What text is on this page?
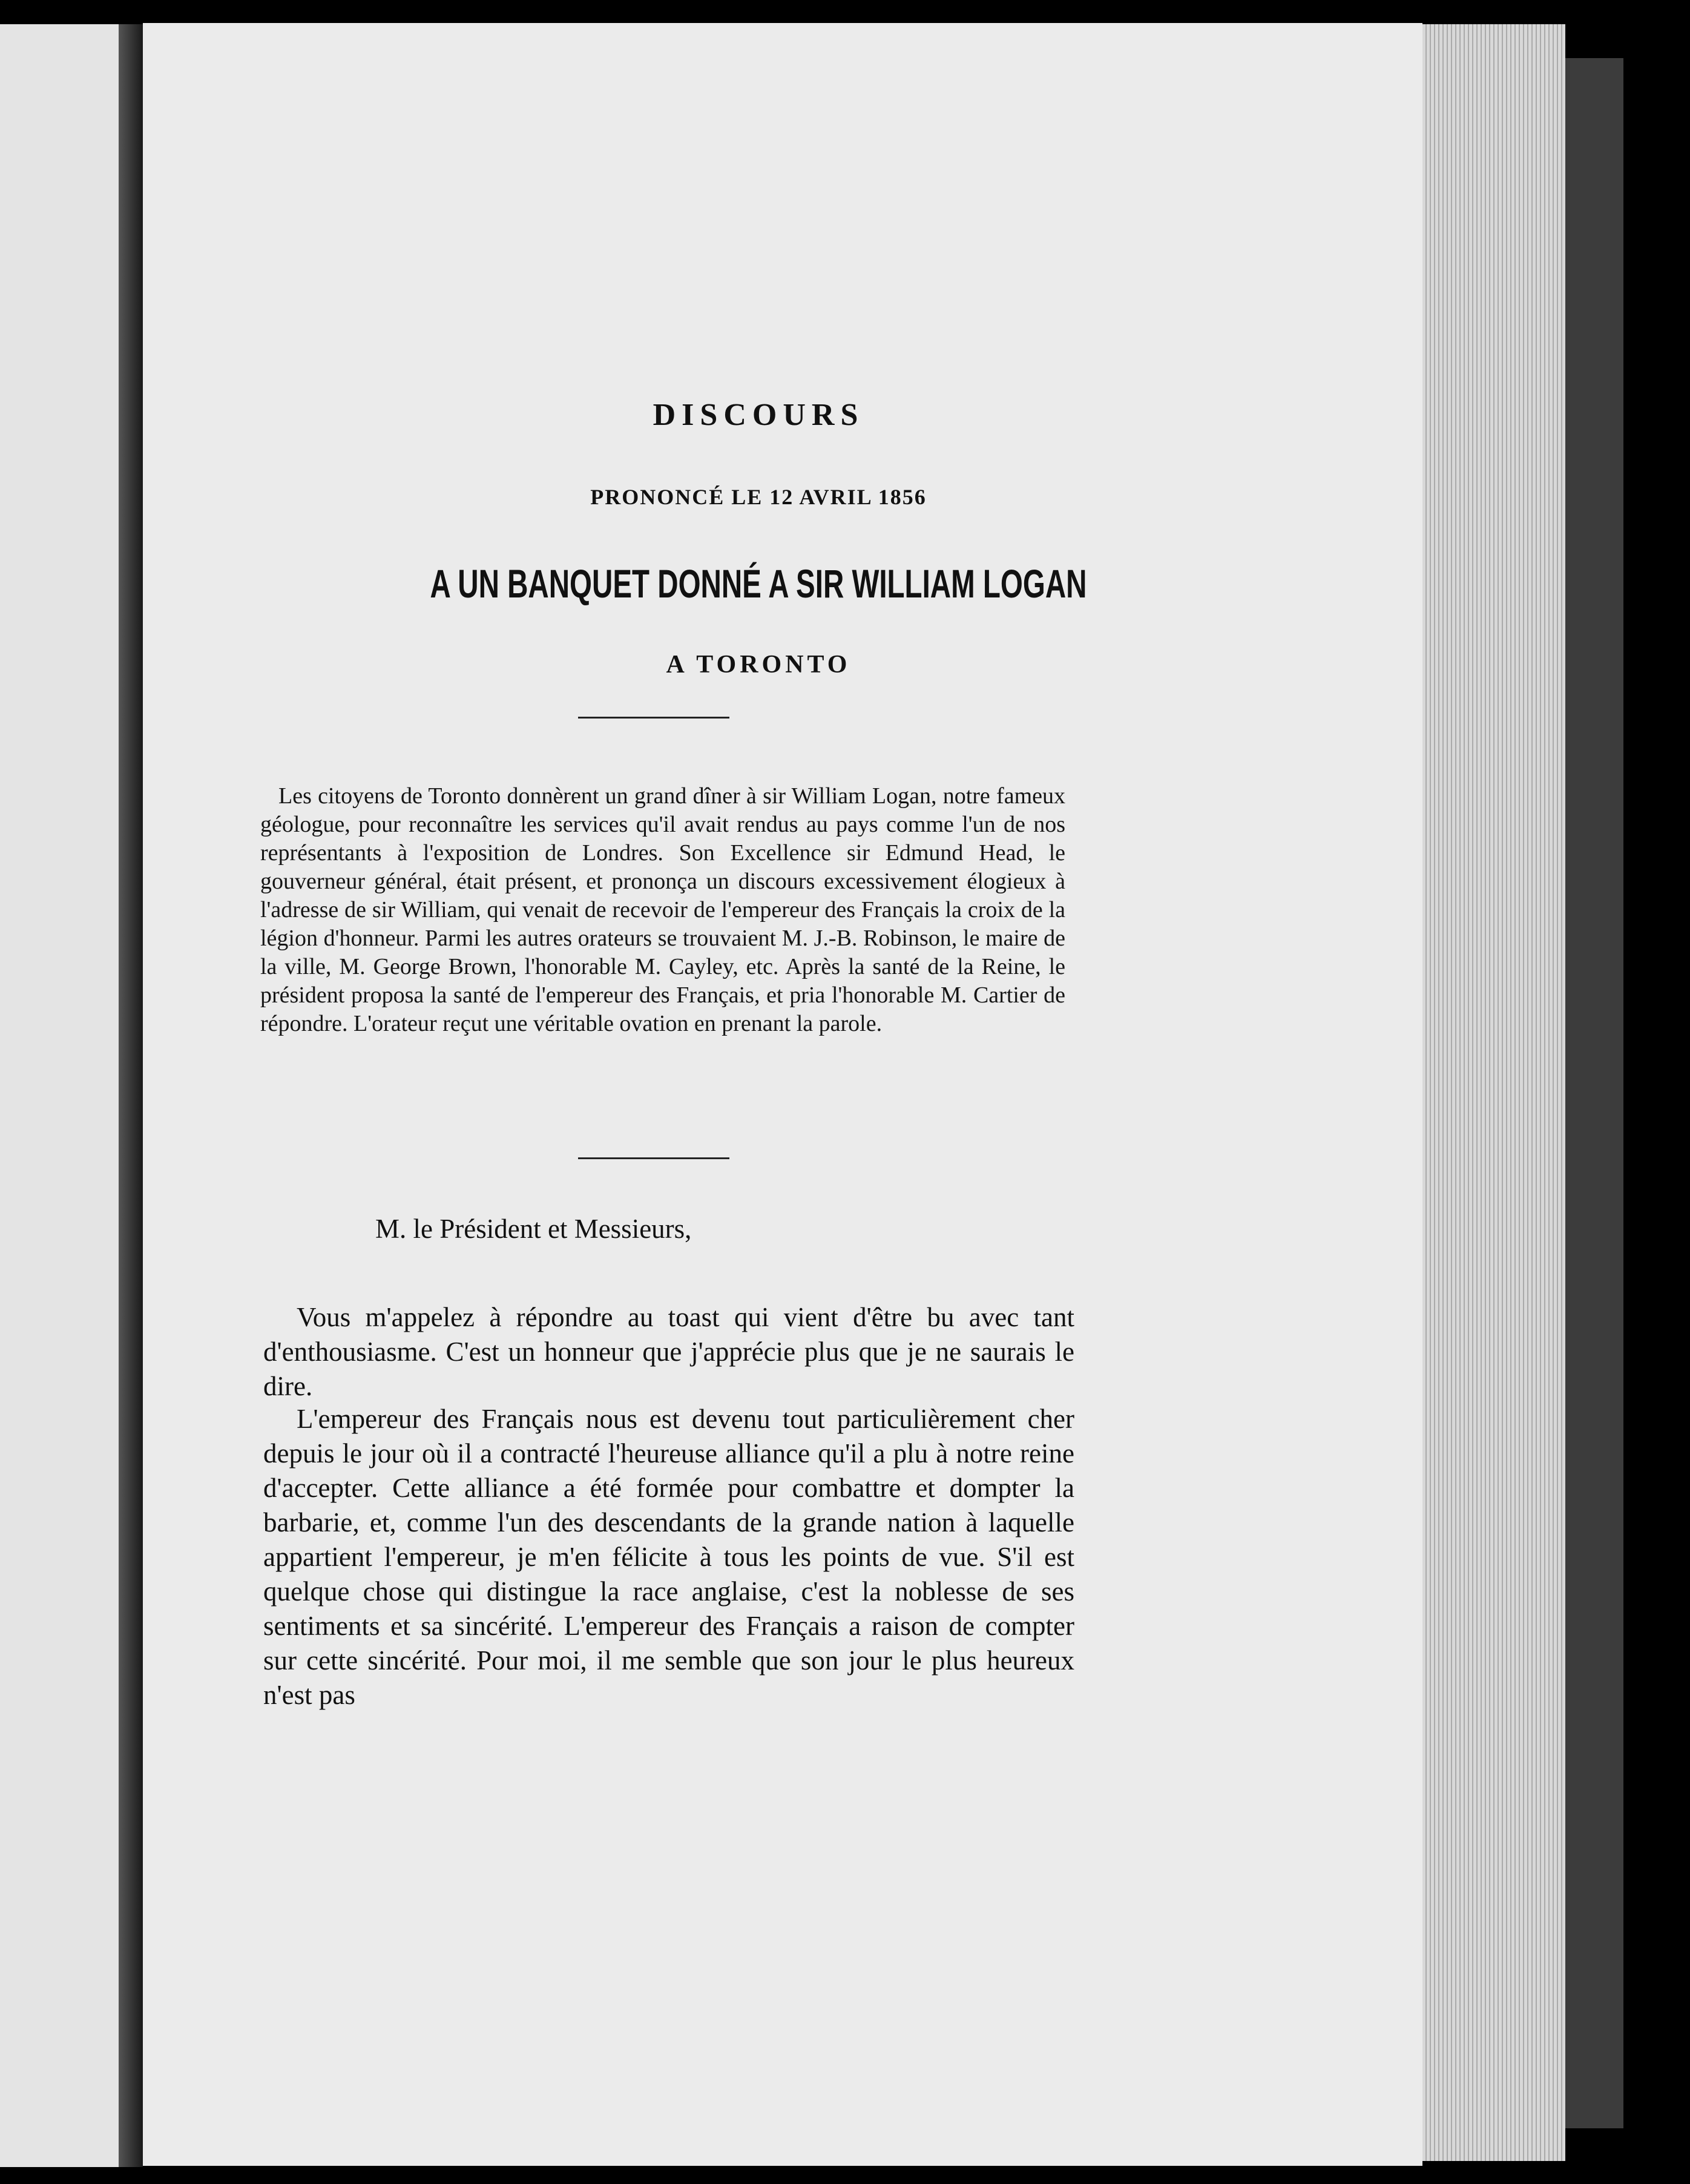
DISCOURS
PRONONCÉ LE 12 AVRIL 1856
A UN BANQUET DONNÉ A SIR WILLIAM LOGAN
A TORONTO

Les citoyens de Toronto donnèrent un grand dîner à sir William Logan, notre fameux géologue, pour reconnaître les services qu'il avait rendus au pays comme l'un de nos représentants à l'exposition de Londres. Son Excellence sir Edmund Head, le gouverneur général, était présent, et prononça un discours excessivement élogieux à l'adresse de sir William, qui venait de recevoir de l'empereur des Français la croix de la légion d'honneur. Parmi les autres orateurs se trouvaient M. J.-B. Robinson, le maire de la ville, M. George Brown, l'honorable M. Cayley, etc. Après la santé de la Reine, le président proposa la santé de l'empereur des Français, et pria l'honorable M. Cartier de répondre. L'orateur reçut une véritable ovation en prenant la parole.

M. le Président et Messieurs,

Vous m'appelez à répondre au toast qui vient d'être bu avec tant d'enthousiasme. C'est un honneur que j'apprécie plus que je ne saurais le dire.

L'empereur des Français nous est devenu tout particulièrement cher depuis le jour où il a contracté l'heureuse alliance qu'il a plu à notre reine d'accepter. Cette alliance a été formée pour combattre et dompter la barbarie, et, comme l'un des descendants de la grande nation à laquelle appartient l'empereur, je m'en félicite à tous les points de vue. S'il est quelque chose qui distingue la race anglaise, c'est la noblesse de ses sentiments et sa sincérité. L'empereur des Français a raison de compter sur cette sincérité. Pour moi, il me semble que son jour le plus heureux n'est pas
